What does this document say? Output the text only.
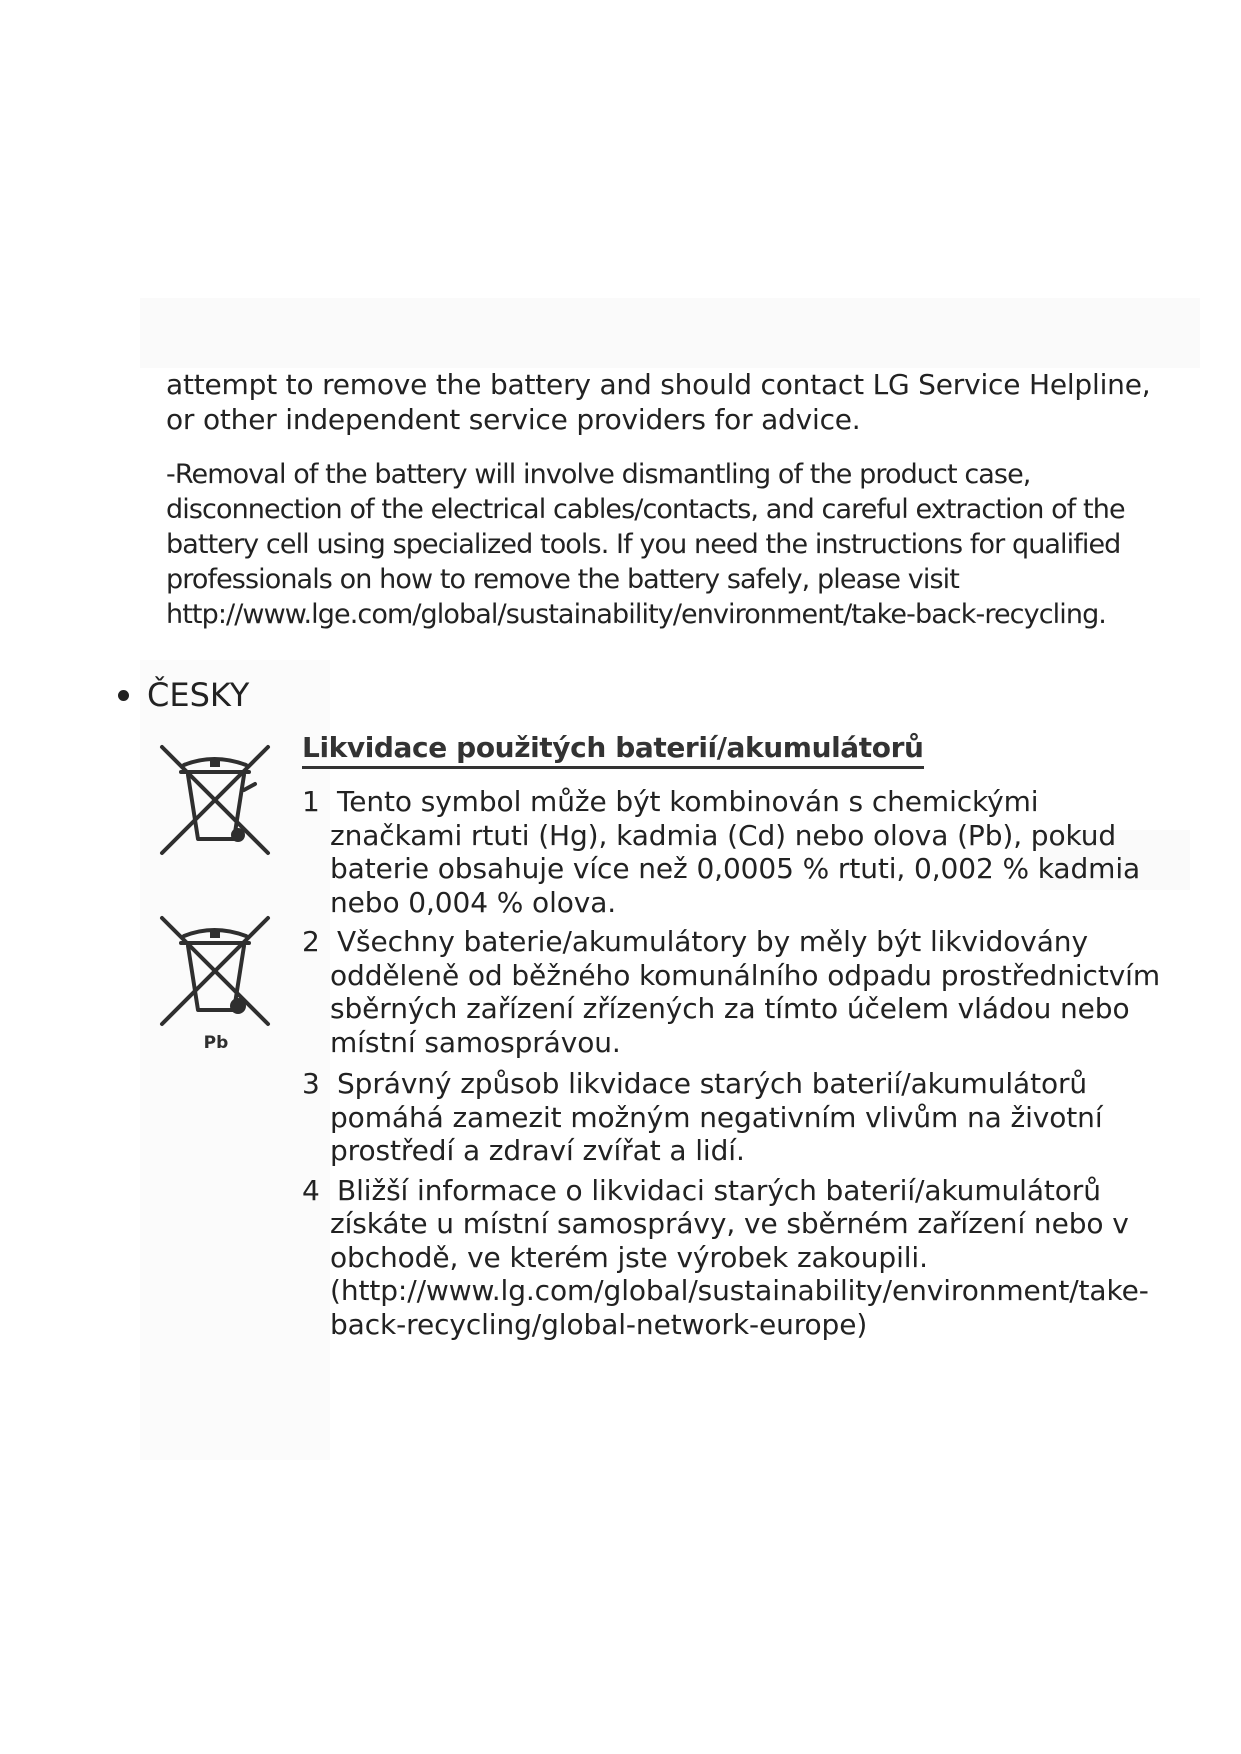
attempt to remove the battery and should contact LG Service Helpline, or other independent service providers for advice.

-Removal of the battery will involve dismantling of the product case, disconnection of the electrical cables/contacts, and careful extraction of the battery cell using specialized tools. If you need the instructions for qualified professionals on how to remove the battery safely, please visit http://www.lge.com/global/sustainability/environment/take-back-recycling.

ČESKY
Pb
Likvidace použitých baterií/akumulátorů
1 Tento symbol může být kombinován s chemickými značkami rtuti (Hg), kadmia (Cd) nebo olova (Pb), pokud baterie obsahuje více než 0,0005 % rtuti, 0,002 % kadmia nebo 0,004 % olova.
2 Všechny baterie/akumulátory by měly být likvidovány odděleně od běžného komunálního odpadu prostřednictvím sběrných zařízení zřízených za tímto účelem vládou nebo místní samosprávou.
3 Správný způsob likvidace starých baterií/akumulátorů pomáhá zamezit možným negativním vlivům na životní prostředí a zdraví zvířat a lidí.
4 Bližší informace o likvidaci starých baterií/akumulátorů získáte u místní samosprávy, ve sběrném zařízení nebo v obchodě, ve kterém jste výrobek zakoupili. (http://www.lg.com/global/sustainability/environment/take-back-recycling/global-network-europe)
